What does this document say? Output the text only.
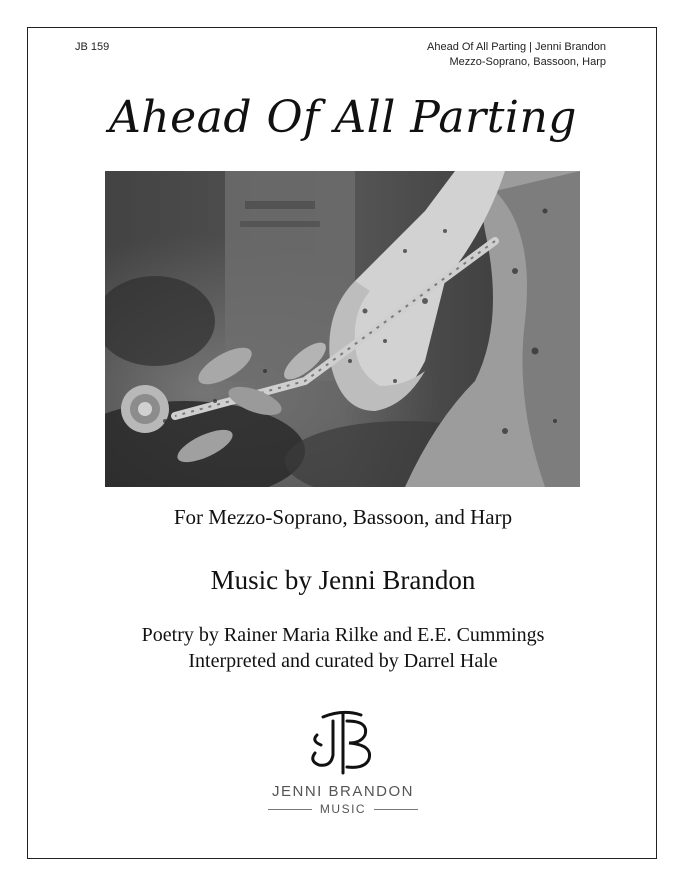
JB 159	Ahead Of All Parting | Jenni Brandon
Mezzo-Soprano, Bassoon, Harp
Ahead Of All Parting
For Mezzo-Soprano, Bassoon, and Harp
Music by Jenni Brandon
Poetry by Rainer Maria Rilke and E.E. Cummings
Interpreted and curated by Darrel Hale
JENNI BRANDON
MUSIC
